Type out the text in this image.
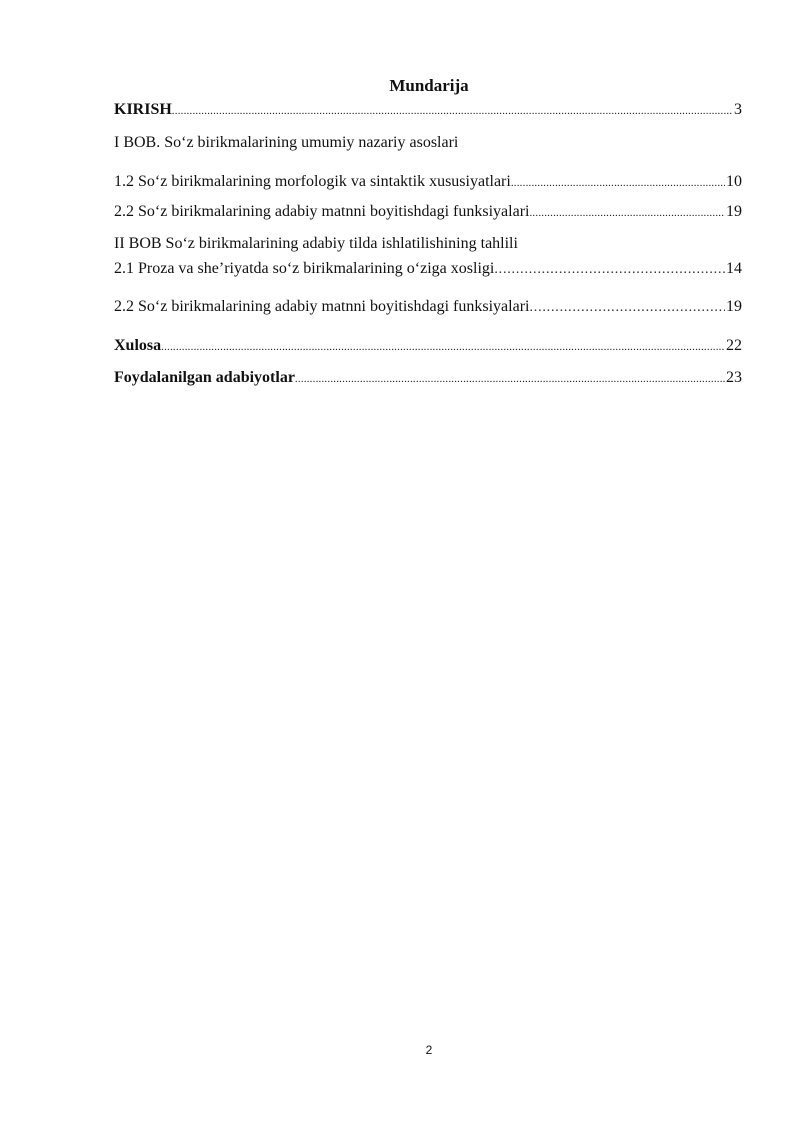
Mundarija
KIRISH .....	3
I BOB. So‘z birikmalarining umumiy nazariy asoslari
1.2 So‘z birikmalarining morfologik va sintaktik xususiyatlari .....	10
2.2 So‘z birikmalarining adabiy matnni boyitishdagi funksiyalari .....	19
II BOB So‘z birikmalarining adabiy tilda ishlatilishining tahlili
2.1 Proza va she’riyatda so‘z birikmalarining o‘ziga xosligi .....	14
2.2 So‘z birikmalarining adabiy matnni boyitishdagi funksiyalari .....	19
Xulosa .....	22
Foydalanilgan adabiyotlar .....	23
2
